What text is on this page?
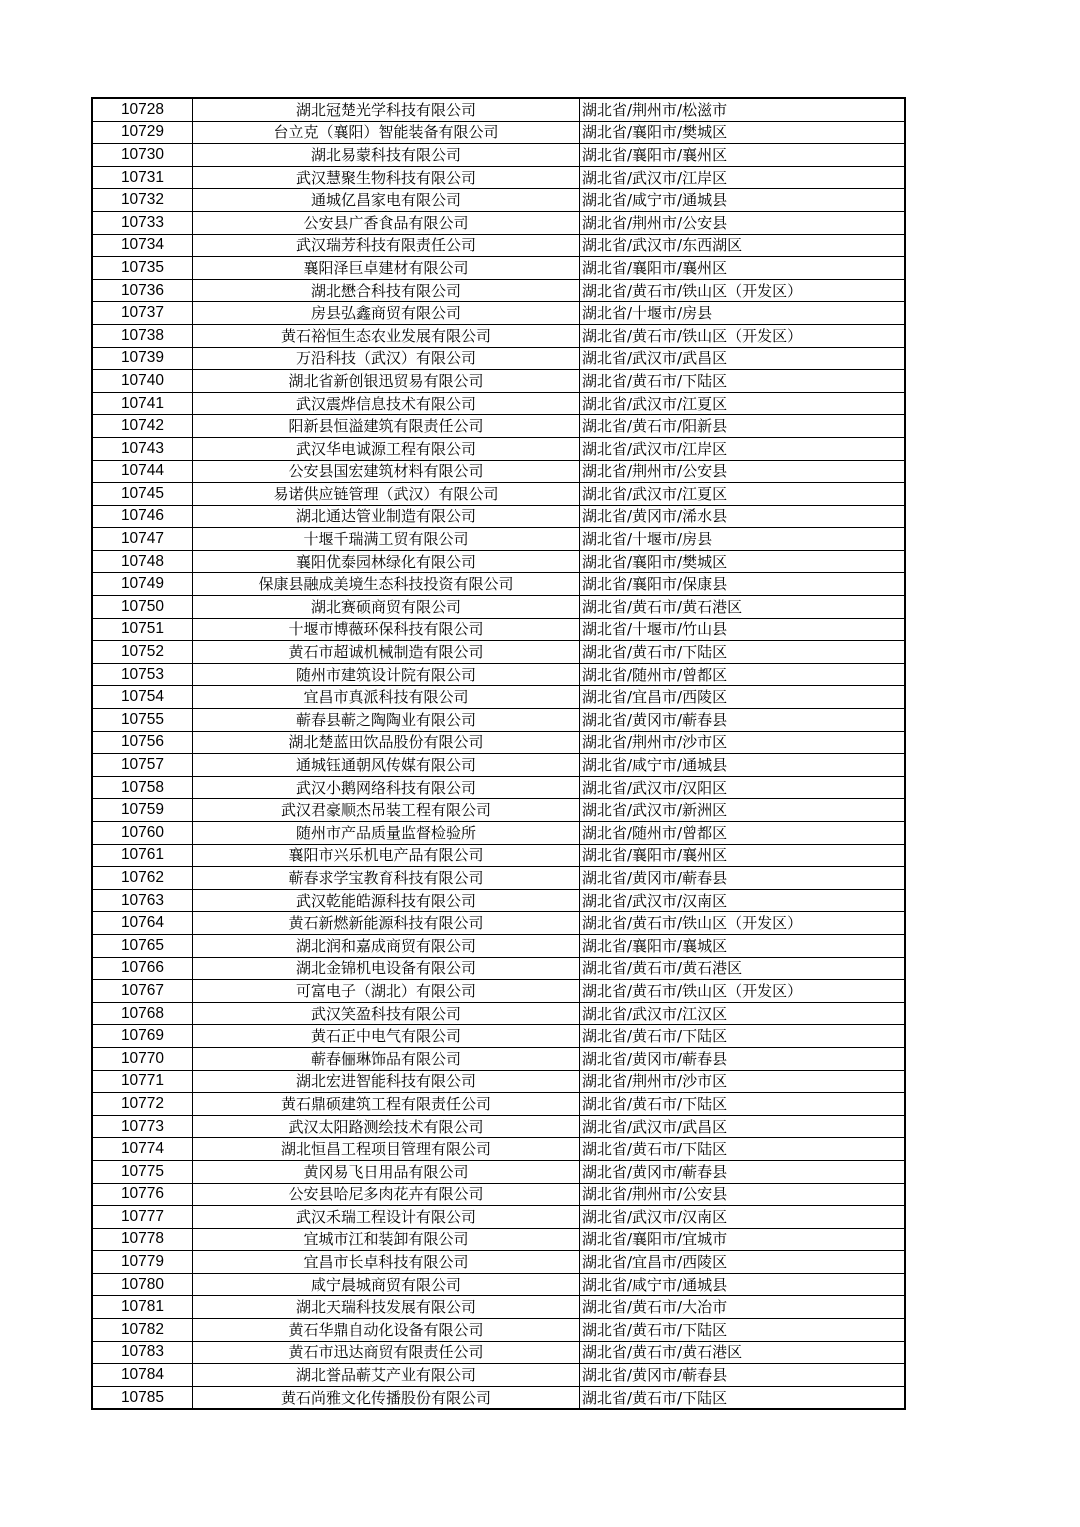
10728	湖北冠楚光学科技有限公司	湖北省/荆州市/松滋市
10729	台立克（襄阳）智能装备有限公司	湖北省/襄阳市/樊城区
10730	湖北易蒙科技有限公司	湖北省/襄阳市/襄州区
10731	武汉慧聚生物科技有限公司	湖北省/武汉市/江岸区
10732	通城亿昌家电有限公司	湖北省/咸宁市/通城县
10733	公安县广香食品有限公司	湖北省/荆州市/公安县
10734	武汉瑞芳科技有限责任公司	湖北省/武汉市/东西湖区
10735	襄阳泽巨卓建材有限公司	湖北省/襄阳市/襄州区
10736	湖北懋合科技有限公司	湖北省/黄石市/铁山区（开发区）
10737	房县弘鑫商贸有限公司	湖北省/十堰市/房县
10738	黄石裕恒生态农业发展有限公司	湖北省/黄石市/铁山区（开发区）
10739	万沿科技（武汉）有限公司	湖北省/武汉市/武昌区
10740	湖北省新创银迅贸易有限公司	湖北省/黄石市/下陆区
10741	武汉震烨信息技术有限公司	湖北省/武汉市/江夏区
10742	阳新县恒溢建筑有限责任公司	湖北省/黄石市/阳新县
10743	武汉华电诚源工程有限公司	湖北省/武汉市/江岸区
10744	公安县国宏建筑材料有限公司	湖北省/荆州市/公安县
10745	易诺供应链管理（武汉）有限公司	湖北省/武汉市/江夏区
10746	湖北通达管业制造有限公司	湖北省/黄冈市/浠水县
10747	十堰千瑞满工贸有限公司	湖北省/十堰市/房县
10748	襄阳优泰园林绿化有限公司	湖北省/襄阳市/樊城区
10749	保康县融成美境生态科技投资有限公司	湖北省/襄阳市/保康县
10750	湖北赛硕商贸有限公司	湖北省/黄石市/黄石港区
10751	十堰市博薇环保科技有限公司	湖北省/十堰市/竹山县
10752	黄石市超诚机械制造有限公司	湖北省/黄石市/下陆区
10753	随州市建筑设计院有限公司	湖北省/随州市/曾都区
10754	宜昌市真派科技有限公司	湖北省/宜昌市/西陵区
10755	蕲春县蕲之陶陶业有限公司	湖北省/黄冈市/蕲春县
10756	湖北楚蓝田饮品股份有限公司	湖北省/荆州市/沙市区
10757	通城钰通朝风传媒有限公司	湖北省/咸宁市/通城县
10758	武汉小鹅网络科技有限公司	湖北省/武汉市/汉阳区
10759	武汉君豪顺杰吊装工程有限公司	湖北省/武汉市/新洲区
10760	随州市产品质量监督检验所	湖北省/随州市/曾都区
10761	襄阳市兴乐机电产品有限公司	湖北省/襄阳市/襄州区
10762	蕲春求学宝教育科技有限公司	湖北省/黄冈市/蕲春县
10763	武汉乾能皓源科技有限公司	湖北省/武汉市/汉南区
10764	黄石新燃新能源科技有限公司	湖北省/黄石市/铁山区（开发区）
10765	湖北润和嘉成商贸有限公司	湖北省/襄阳市/襄城区
10766	湖北金锦机电设备有限公司	湖北省/黄石市/黄石港区
10767	可富电子（湖北）有限公司	湖北省/黄石市/铁山区（开发区）
10768	武汉笑盈科技有限公司	湖北省/武汉市/江汉区
10769	黄石正中电气有限公司	湖北省/黄石市/下陆区
10770	蕲春俪琳饰品有限公司	湖北省/黄冈市/蕲春县
10771	湖北宏进智能科技有限公司	湖北省/荆州市/沙市区
10772	黄石鼎硕建筑工程有限责任公司	湖北省/黄石市/下陆区
10773	武汉太阳路测绘技术有限公司	湖北省/武汉市/武昌区
10774	湖北恒昌工程项目管理有限公司	湖北省/黄石市/下陆区
10775	黄冈易飞日用品有限公司	湖北省/黄冈市/蕲春县
10776	公安县哈尼多肉花卉有限公司	湖北省/荆州市/公安县
10777	武汉禾瑞工程设计有限公司	湖北省/武汉市/汉南区
10778	宜城市江和装卸有限公司	湖北省/襄阳市/宜城市
10779	宜昌市长卓科技有限公司	湖北省/宜昌市/西陵区
10780	咸宁晨城商贸有限公司	湖北省/咸宁市/通城县
10781	湖北天瑞科技发展有限公司	湖北省/黄石市/大冶市
10782	黄石华鼎自动化设备有限公司	湖北省/黄石市/下陆区
10783	黄石市迅达商贸有限责任公司	湖北省/黄石市/黄石港区
10784	湖北誉品蕲艾产业有限公司	湖北省/黄冈市/蕲春县
10785	黄石尚雅文化传播股份有限公司	湖北省/黄石市/下陆区
